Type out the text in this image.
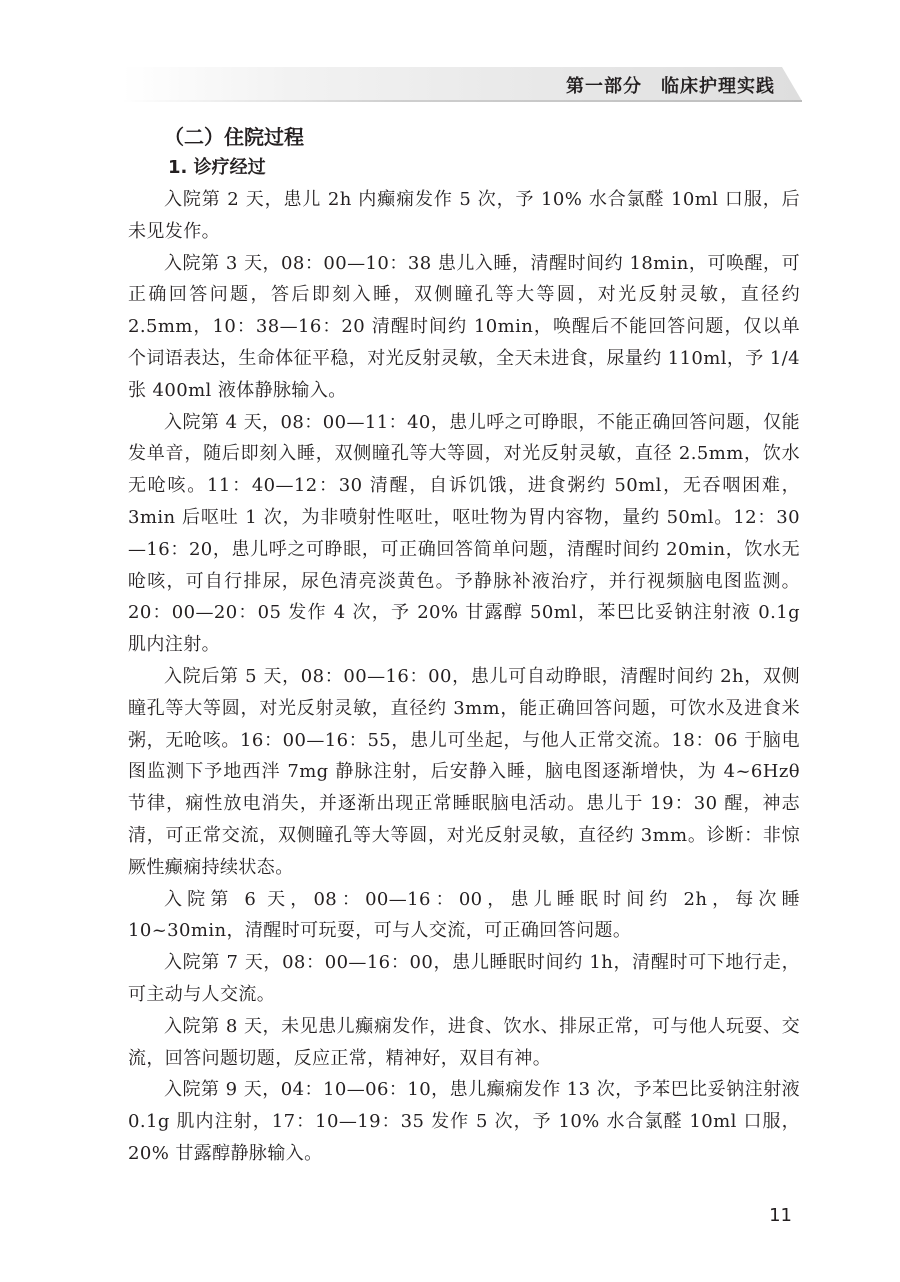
第一部分　临床护理实践
（二）住院过程
1. 诊疗经过

入院第 2 天，患儿 2h 内癫痫发作 5 次，予 10% 水合氯醛 10ml 口服，后未见发作。

入院第 3 天，08：00—10：38 患儿入睡，清醒时间约 18min，可唤醒，可正确回答问题，答后即刻入睡，双侧瞳孔等大等圆，对光反射灵敏，直径约 2.5mm，10：38—16：20 清醒时间约 10min，唤醒后不能回答问题，仅以单个词语表达，生命体征平稳，对光反射灵敏，全天未进食，尿量约 110ml，予 1/4 张 400ml 液体静脉输入。

入院第 4 天，08：00—11：40，患儿呼之可睁眼，不能正确回答问题，仅能发单音，随后即刻入睡，双侧瞳孔等大等圆，对光反射灵敏，直径 2.5mm，饮水无呛咳。11：40—12：30 清醒，自诉饥饿，进食粥约 50ml，无吞咽困难，3min 后呕吐 1 次，为非喷射性呕吐，呕吐物为胃内容物，量约 50ml。12：30—16：20，患儿呼之可睁眼，可正确回答简单问题，清醒时间约 20min，饮水无呛咳，可自行排尿，尿色清亮淡黄色。予静脉补液治疗，并行视频脑电图监测。20：00—20：05 发作 4 次，予 20% 甘露醇 50ml，苯巴比妥钠注射液 0.1g 肌内注射。

入院后第 5 天，08：00—16：00，患儿可自动睁眼，清醒时间约 2h，双侧瞳孔等大等圆，对光反射灵敏，直径约 3mm，能正确回答问题，可饮水及进食米粥，无呛咳。16：00—16：55，患儿可坐起，与他人正常交流。18：06 于脑电图监测下予地西泮 7mg 静脉注射，后安静入睡，脑电图逐渐增快，为 4~6Hzθ 节律，痫性放电消失，并逐渐出现正常睡眠脑电活动。患儿于 19：30 醒，神志清，可正常交流，双侧瞳孔等大等圆，对光反射灵敏，直径约 3mm。诊断：非惊厥性癫痫持续状态。

入院第 6 天，08：00—16：00，患儿睡眠时间约 2h，每次睡 10~30min，清醒时可玩耍，可与人交流，可正确回答问题。

入院第 7 天，08：00—16：00，患儿睡眠时间约 1h，清醒时可下地行走，可主动与人交流。

入院第 8 天，未见患儿癫痫发作，进食、饮水、排尿正常，可与他人玩耍、交流，回答问题切题，反应正常，精神好，双目有神。

入院第 9 天，04：10—06：10，患儿癫痫发作 13 次，予苯巴比妥钠注射液 0.1g 肌内注射，17：10—19：35 发作 5 次，予 10% 水合氯醛 10ml 口服，20% 甘露醇静脉输入。

11
